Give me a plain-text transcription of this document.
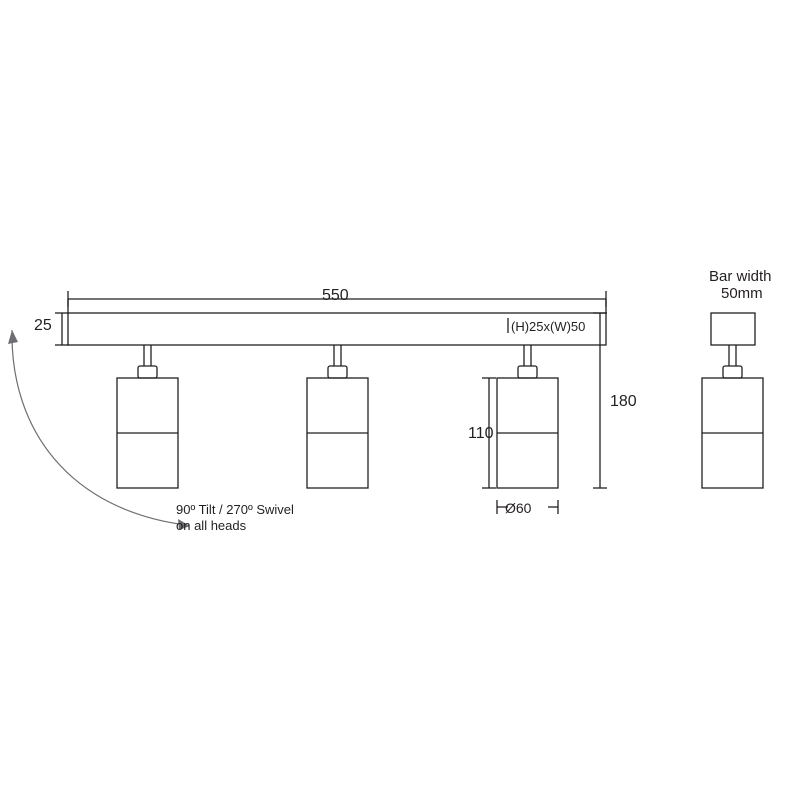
550
25	(H)25x(W)50
180
110
Ø60
90º Tilt / 270º Swivel
on all heads
Bar width
50mm
